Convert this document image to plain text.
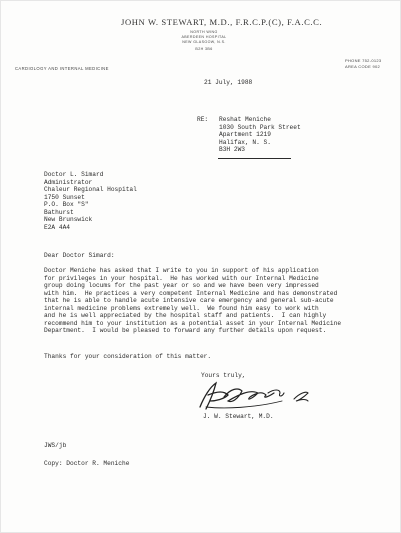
JOHN W. STEWART, M.D., F.R.C.P.(C), F.A.C.C.
NORTH WING
ABERDEEN HOSPITAL
NEW GLASGOW, N.S.
B2H 3B6
CARDIOLOGY AND INTERNAL MEDICINE
PHONE 752-0123
AREA CODE 902
21 July, 1988
RE: Reshat Meniche
1030 South Park Street
Apartment 1219
Halifax, N. S.
B3H 2W3
Doctor L. Simard
Administrator
Chaleur Regional Hospital
1750 Sunset
P.O. Box "S"
Bathurst
New Brunswick
E2A 4A4
Dear Doctor Simard:
Doctor Meniche has asked that I write to you in support of his application
for privileges in your hospital.  He has worked with our Internal Medicine
group doing locums for the past year or so and we have been very impressed
with him.  He practices a very competent Internal Medicine and has demonstrated
that he is able to handle acute intensive care emergency and general sub-acute
internal medicine problems extremely well.  We found him easy to work with
and he is well appreciated by the hospital staff and patients.  I can highly
recommend him to your institution as a potential asset in your Internal Medicine
Department.  I would be pleased to forward any further details upon request.
Thanks for your consideration of this matter.
Yours truly,
J. W. Stewart, M.D.
JWS/jb
Copy: Doctor R. Meniche
